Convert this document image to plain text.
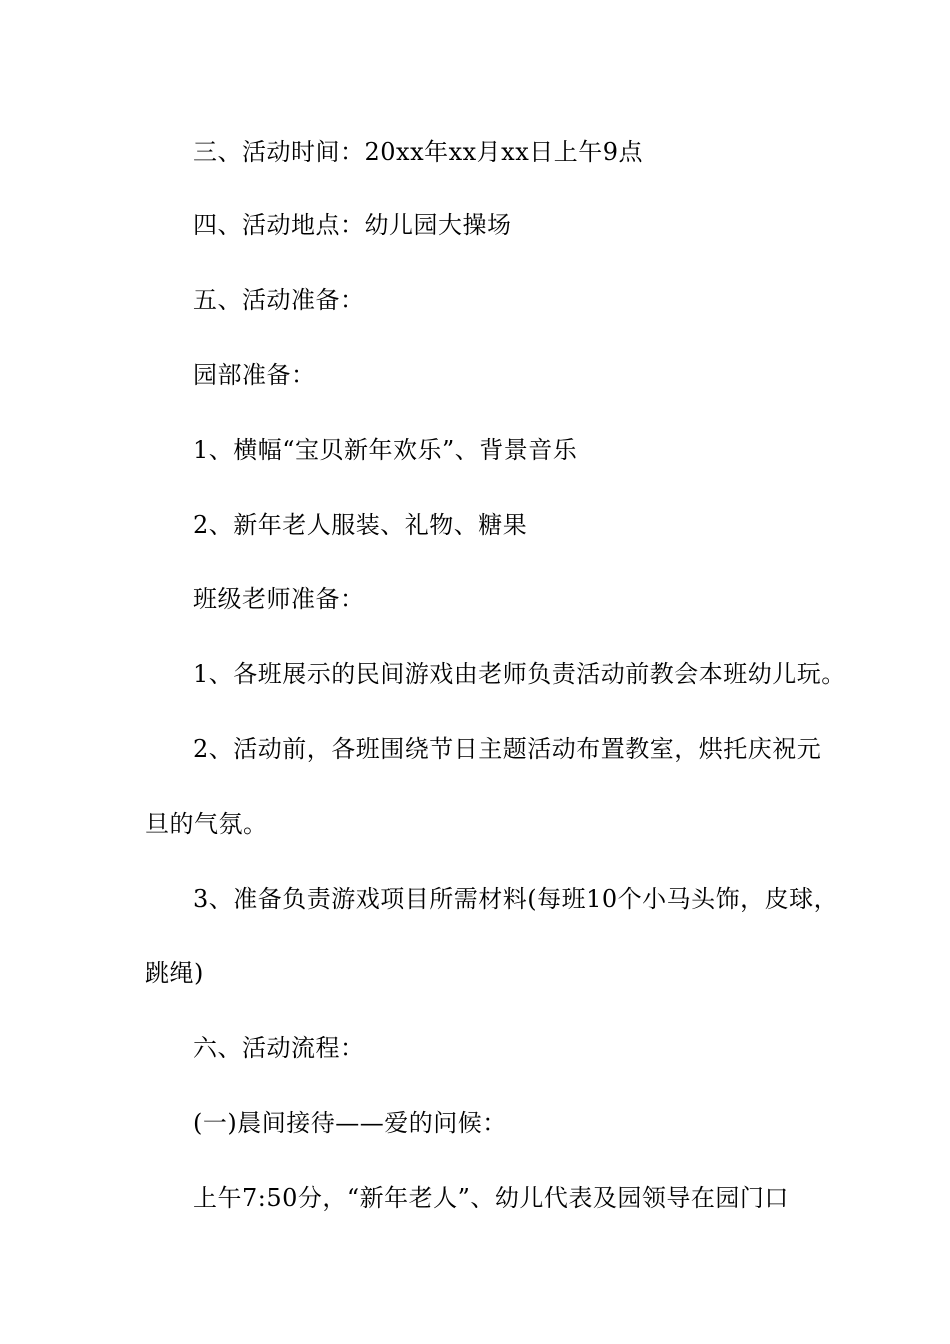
三、活动时间：20xx年xx月xx日上午9点
四、活动地点：幼儿园大操场
五、活动准备：
园部准备：
1、横幅“宝贝新年欢乐”、背景音乐
2、新年老人服装、礼物、糖果
班级老师准备：
1、各班展示的民间游戏由老师负责活动前教会本班幼儿玩。
2、活动前，各班围绕节日主题活动布置教室，烘托庆祝元
旦的气氛。
3、准备负责游戏项目所需材料(每班10个小马头饰，皮球，
跳绳)
六、活动流程：
(一)晨间接待——爱的问候：
上午7:50分，“新年老人”、幼儿代表及园领导在园门口
